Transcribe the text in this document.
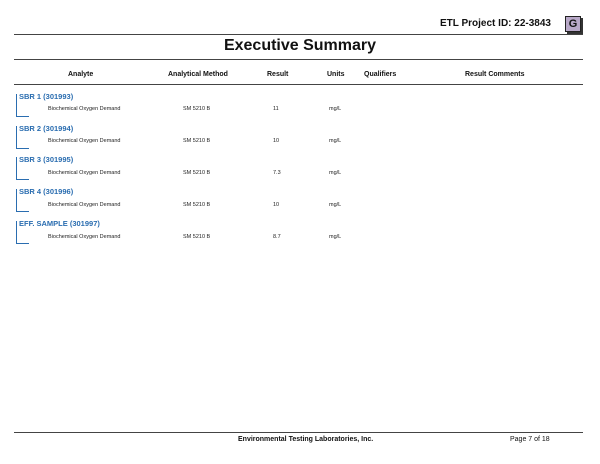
ETL Project ID: 22-3843	G
Executive Summary
Analyte	Analytical Method	Result	Units	Qualifiers	Result Comments
SBR 1 (301993)
Biochemical Oxygen Demand	SM 5210 B	11	mg/L
SBR 2 (301994)
Biochemical Oxygen Demand	SM 5210 B	10	mg/L
SBR 3 (301995)
Biochemical Oxygen Demand	SM 5210 B	7.3	mg/L
SBR 4 (301996)
Biochemical Oxygen Demand	SM 5210 B	10	mg/L
EFF. SAMPLE (301997)
Biochemical Oxygen Demand	SM 5210 B	8.7	mg/L
Environmental Testing Laboratories, Inc.	Page 7 of 18
